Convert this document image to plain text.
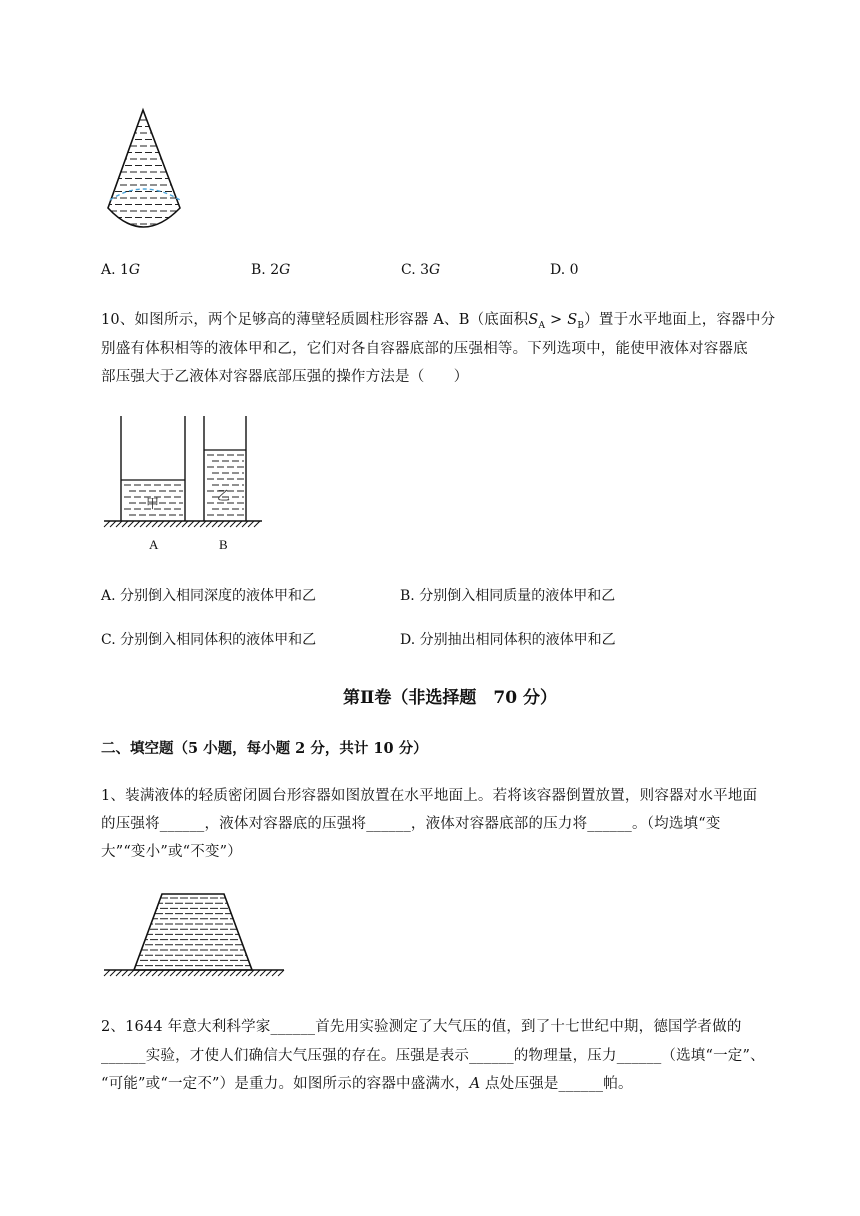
A. 1G	B. 2G	C. 3G	D. 0
10、如图所示，两个足够高的薄壁轻质圆柱形容器 A、B（底面积$S_A > S_B$）置于水平地面上，容器中分
别盛有体积相等的液体甲和乙，它们对各自容器底部的压强相等。下列选项中，能使甲液体对容器底
部压强大于乙液体对容器底部压强的操作方法是（　　）
甲
乙
A	B
A. 分别倒入相同深度的液体甲和乙	B. 分别倒入相同质量的液体甲和乙
C. 分别倒入相同体积的液体甲和乙	D. 分别抽出相同体积的液体甲和乙
第Ⅱ卷（非选择题　70 分）
二、填空题（5 小题，每小题 2 分，共计 10 分）
1、装满液体的轻质密闭圆台形容器如图放置在水平地面上。若将该容器倒置放置，则容器对水平地面
的压强将______，液体对容器底的压强将______，液体对容器底部的压力将______。（均选填“变
大”“变小”或“不变”）
2、1644 年意大利科学家______首先用实验测定了大气压的值，到了十七世纪中期，德国学者做的
______实验，才使人们确信大气压强的存在。压强是表示______的物理量，压力______（选填“一定”、
“可能”或“一定不”）是重力。如图所示的容器中盛满水，A 点处压强是______帕。
